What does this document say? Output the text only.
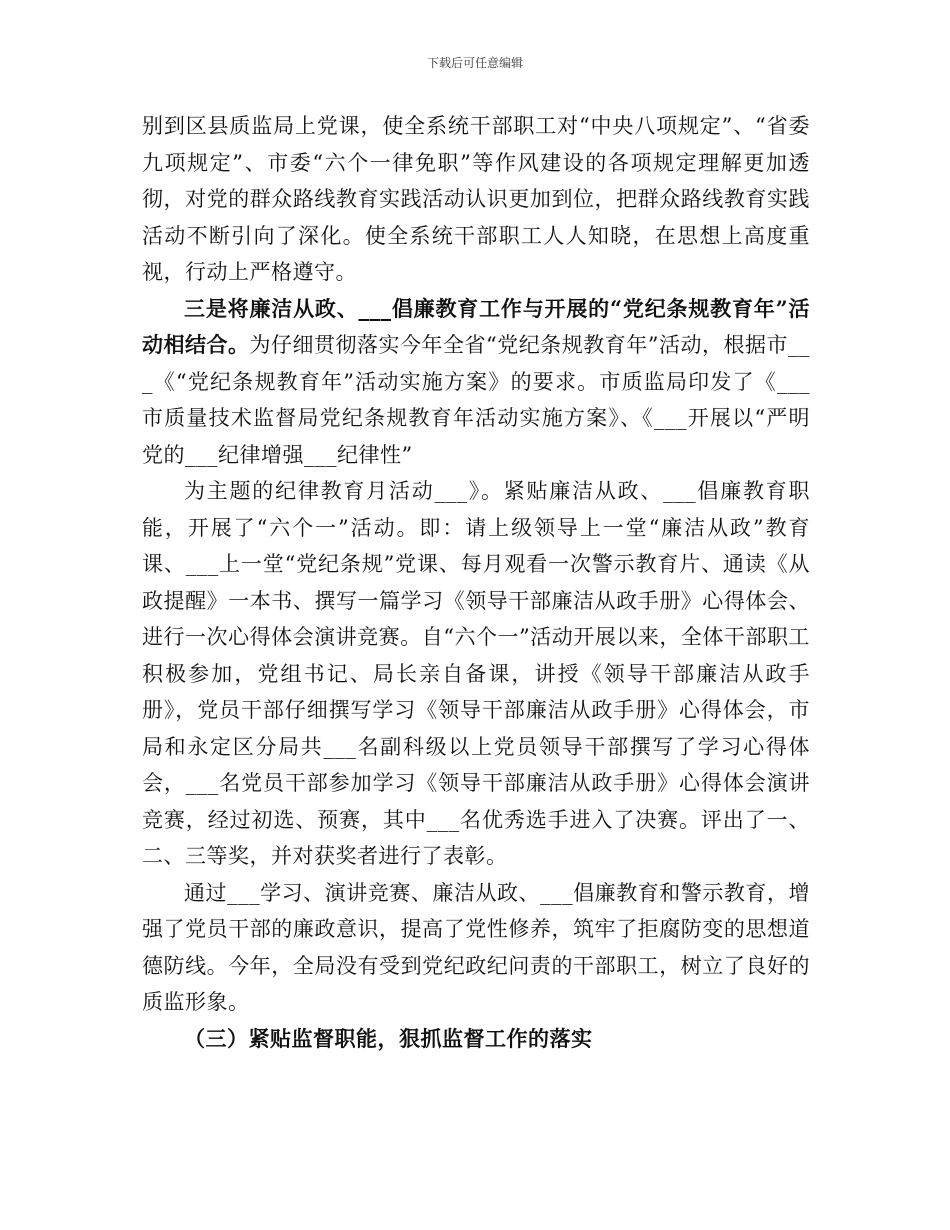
下载后可任意编辑

别到区县质监局上党课，使全系统干部职工对“中央八项规定”、“省委九项规定”、市委“六个一律免职”等作风建设的各项规定理解更加透彻，对党的群众路线教育实践活动认识更加到位，把群众路线教育实践活动不断引向了深化。使全系统干部职工人人知晓，在思想上高度重视，行动上严格遵守。

三是将廉洁从政、___倡廉教育工作与开展的“党纪条规教育年”活动相结合。为仔细贯彻落实今年全省“党纪条规教育年”活动，根据市___《“党纪条规教育年”活动实施方案》的要求。市质监局印发了《___市质量技术监督局党纪条规教育年活动实施方案》、《___开展以“严明党的___纪律增强___纪律性”

为主题的纪律教育月活动___》。紧贴廉洁从政、___倡廉教育职能，开展了“六个一”活动。即：请上级领导上一堂“廉洁从政”教育课、___上一堂“党纪条规”党课、每月观看一次警示教育片、通读《从政提醒》一本书、撰写一篇学习《领导干部廉洁从政手册》心得体会、进行一次心得体会演讲竞赛。自“六个一”活动开展以来，全体干部职工积极参加，党组书记、局长亲自备课，讲授《领导干部廉洁从政手册》，党员干部仔细撰写学习《领导干部廉洁从政手册》心得体会，市局和永定区分局共___名副科级以上党员领导干部撰写了学习心得体会，___名党员干部参加学习《领导干部廉洁从政手册》心得体会演讲竞赛，经过初选、预赛，其中___名优秀选手进入了决赛。评出了一、二、三等奖，并对获奖者进行了表彰。

通过___学习、演讲竞赛、廉洁从政、___倡廉教育和警示教育，增强了党员干部的廉政意识，提高了党性修养，筑牢了拒腐防变的思想道德防线。今年，全局没有受到党纪政纪问责的干部职工，树立了良好的质监形象。

（三）紧贴监督职能，狠抓监督工作的落实
